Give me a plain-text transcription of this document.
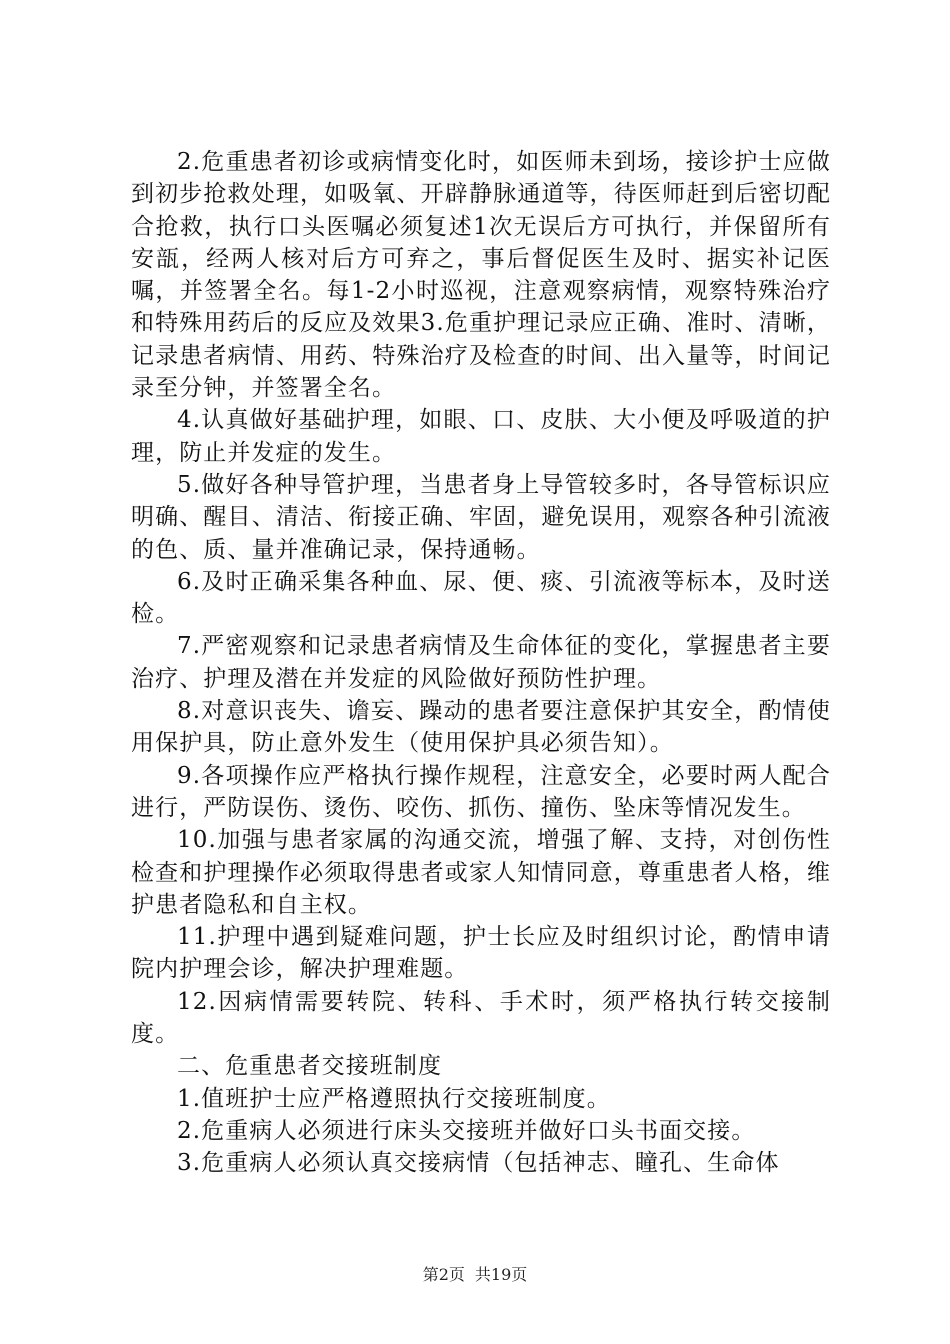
2.危重患者初诊或病情变化时，如医师未到场，接诊护士应做到初步抢救处理，如吸氧、开辟静脉通道等，待医师赶到后密切配合抢救，执行口头医嘱必须复述1次无误后方可执行，并保留所有安瓿，经两人核对后方可弃之，事后督促医生及时、据实补记医嘱，并签署全名。每1-2小时巡视，注意观察病情，观察特殊治疗和特殊用药后的反应及效果3.危重护理记录应正确、准时、清晰，记录患者病情、用药、特殊治疗及检查的时间、出入量等，时间记录至分钟，并签署全名。

4.认真做好基础护理，如眼、口、皮肤、大小便及呼吸道的护理，防止并发症的发生。

5.做好各种导管护理，当患者身上导管较多时，各导管标识应明确、醒目、清洁、衔接正确、牢固，避免误用，观察各种引流液的色、质、量并准确记录，保持通畅。

6.及时正确采集各种血、尿、便、痰、引流液等标本，及时送检。

7.严密观察和记录患者病情及生命体征的变化，掌握患者主要治疗、护理及潜在并发症的风险做好预防性护理。

8.对意识丧失、谵妄、躁动的患者要注意保护其安全，酌情使用保护具，防止意外发生（使用保护具必须告知）。

9.各项操作应严格执行操作规程，注意安全，必要时两人配合进行，严防误伤、烫伤、咬伤、抓伤、撞伤、坠床等情况发生。

10.加强与患者家属的沟通交流，增强了解、支持，对创伤性检查和护理操作必须取得患者或家人知情同意，尊重患者人格，维护患者隐私和自主权。

11.护理中遇到疑难问题，护士长应及时组织讨论，酌情申请院内护理会诊，解决护理难题。

12.因病情需要转院、转科、手术时，须严格执行转交接制度。

二、危重患者交接班制度

1.值班护士应严格遵照执行交接班制度。

2.危重病人必须进行床头交接班并做好口头书面交接。

3.危重病人必须认真交接病情（包括神志、瞳孔、生命体

第2页 共19页
